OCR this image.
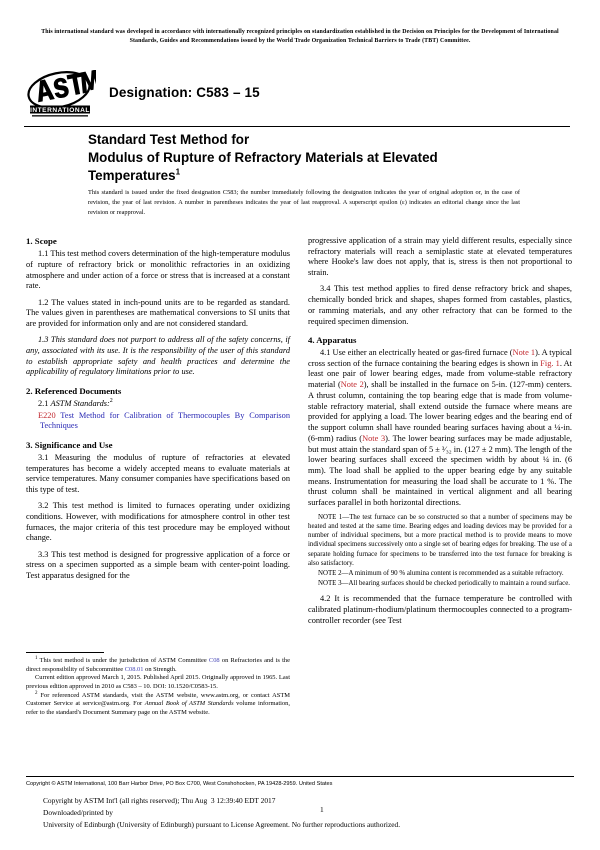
This international standard was developed in accordance with internationally recognized principles on standardization established in the Decision on Principles for the Development of International Standards, Guides and Recommendations issued by the World Trade Organization Technical Barriers to Trade (TBT) Committee.
INTERNATIONAL
Designation: C583 – 15
Standard Test Method for
Modulus of Rupture of Refractory Materials at Elevated
Temperatures$^1$
This standard is issued under the fixed designation C583; the number immediately following the designation indicates the year of original adoption or, in the case of revision, the year of last revision. A number in parentheses indicates the year of last reapproval. A superscript epsilon (ε) indicates an editorial change since the last revision or reapproval.
1. Scope

1.1 This test method covers determination of the high-temperature modulus of rupture of refractory brick or monolithic refractories in an oxidizing atmosphere and under action of a force or stress that is increased at a constant rate.

1.2 The values stated in inch-pound units are to be regarded as standard. The values given in parentheses are mathematical conversions to SI units that are provided for information only and are not considered standard.

1.3 This standard does not purport to address all of the safety concerns, if any, associated with its use. It is the responsibility of the user of this standard to establish appropriate safety and health practices and determine the applicability of regulatory limitations prior to use.

2. Referenced Documents

2.1 ASTM Standards:$^2$

E220 Test Method for Calibration of Thermocouples By Comparison Techniques

3. Significance and Use

3.1 Measuring the modulus of rupture of refractories at elevated temperatures has become a widely accepted means to evaluate materials at service temperatures. Many consumer companies have specifications based on this type of test.

3.2 This test method is limited to furnaces operating under oxidizing conditions. However, with modifications for atmosphere control in other test furnaces, the major criteria of this test procedure may be employed without change.

3.3 This test method is designed for progressive application of a force or stress on a specimen supported as a simple beam with center-point loading. Test apparatus designed for the

progressive application of a strain may yield different results, especially since refractory materials will reach a semiplastic state at elevated temperatures where Hooke's law does not apply, that is, stress is then not proportional to strain.

3.4 This test method applies to fired dense refractory brick and shapes, chemically bonded brick and shapes, shapes formed from castables, plastics, or ramming materials, and any other refractory that can be formed to the required specimen dimension.

4. Apparatus

4.1 Use either an electrically heated or gas-fired furnace (Note 1). A typical cross section of the furnace containing the bearing edges is shown in Fig. 1. At least one pair of lower bearing edges, made from volume-stable refractory material (Note 2), shall be installed in the furnace on 5-in. (127-mm) centers. A thrust column, containing the top bearing edge that is made from volume-stable refractory material, shall extend outside the furnace where means are provided for applying a load. The lower bearing edges and the bearing end of the support column shall have rounded bearing surfaces having about a ¼-in. (6-mm) radius (Note 3). The lower bearing surfaces may be made adjustable, but must attain the standard span of 5 ± ³⁄₃₂ in. (127 ± 2 mm). The length of the lower bearing surfaces shall exceed the specimen width by about ¼ in. (6 mm). The load shall be applied to the upper bearing edge by any suitable means. Instrumentation for measuring the load shall be accurate to 1 %. The thrust column shall be maintained in vertical alignment and all bearing surfaces parallel in both horizontal directions.

NOTE 1—The test furnace can be so constructed so that a number of specimens may be heated and tested at the same time. Bearing edges and loading devices may be provided for a number of individual specimens, but a more practical method is to provide means to move individual specimens successively onto a single set of bearing edges for breaking. The use of a separate holding furnace for specimens to be transferred into the test furnace for breaking is also satisfactory.

NOTE 2—A minimum of 90 % alumina content is recommended as a suitable refractory.

NOTE 3—All bearing surfaces should be checked periodically to maintain a round surface.

4.2 It is recommended that the furnace temperature be controlled with calibrated platinum-rhodium/platinum thermocouples connected to a program-controller recorder (see Test

$^1$ This test method is under the jurisdiction of ASTM Committee C08 on Refractories and is the direct responsibility of Subcommittee C08.01 on Strength.

Current edition approved March 1, 2015. Published April 2015. Originally approved in 1965. Last previous edition approved in 2010 as C583 – 10. DOI: 10.1520/C0583-15.

$^2$ For referenced ASTM standards, visit the ASTM website, www.astm.org, or contact ASTM Customer Service at service@astm.org. For Annual Book of ASTM Standards volume information, refer to the standard's Document Summary page on the ASTM website.

Copyright © ASTM International, 100 Barr Harbor Drive, PO Box C700, West Conshohocken, PA 19428-2959. United States
Copyright by ASTM Int'l (all rights reserved); Thu Aug  3 12:39:40 EDT 2017
Downloaded/printed by
University of Edinburgh (University of Edinburgh) pursuant to License Agreement. No further reproductions authorized.
1
